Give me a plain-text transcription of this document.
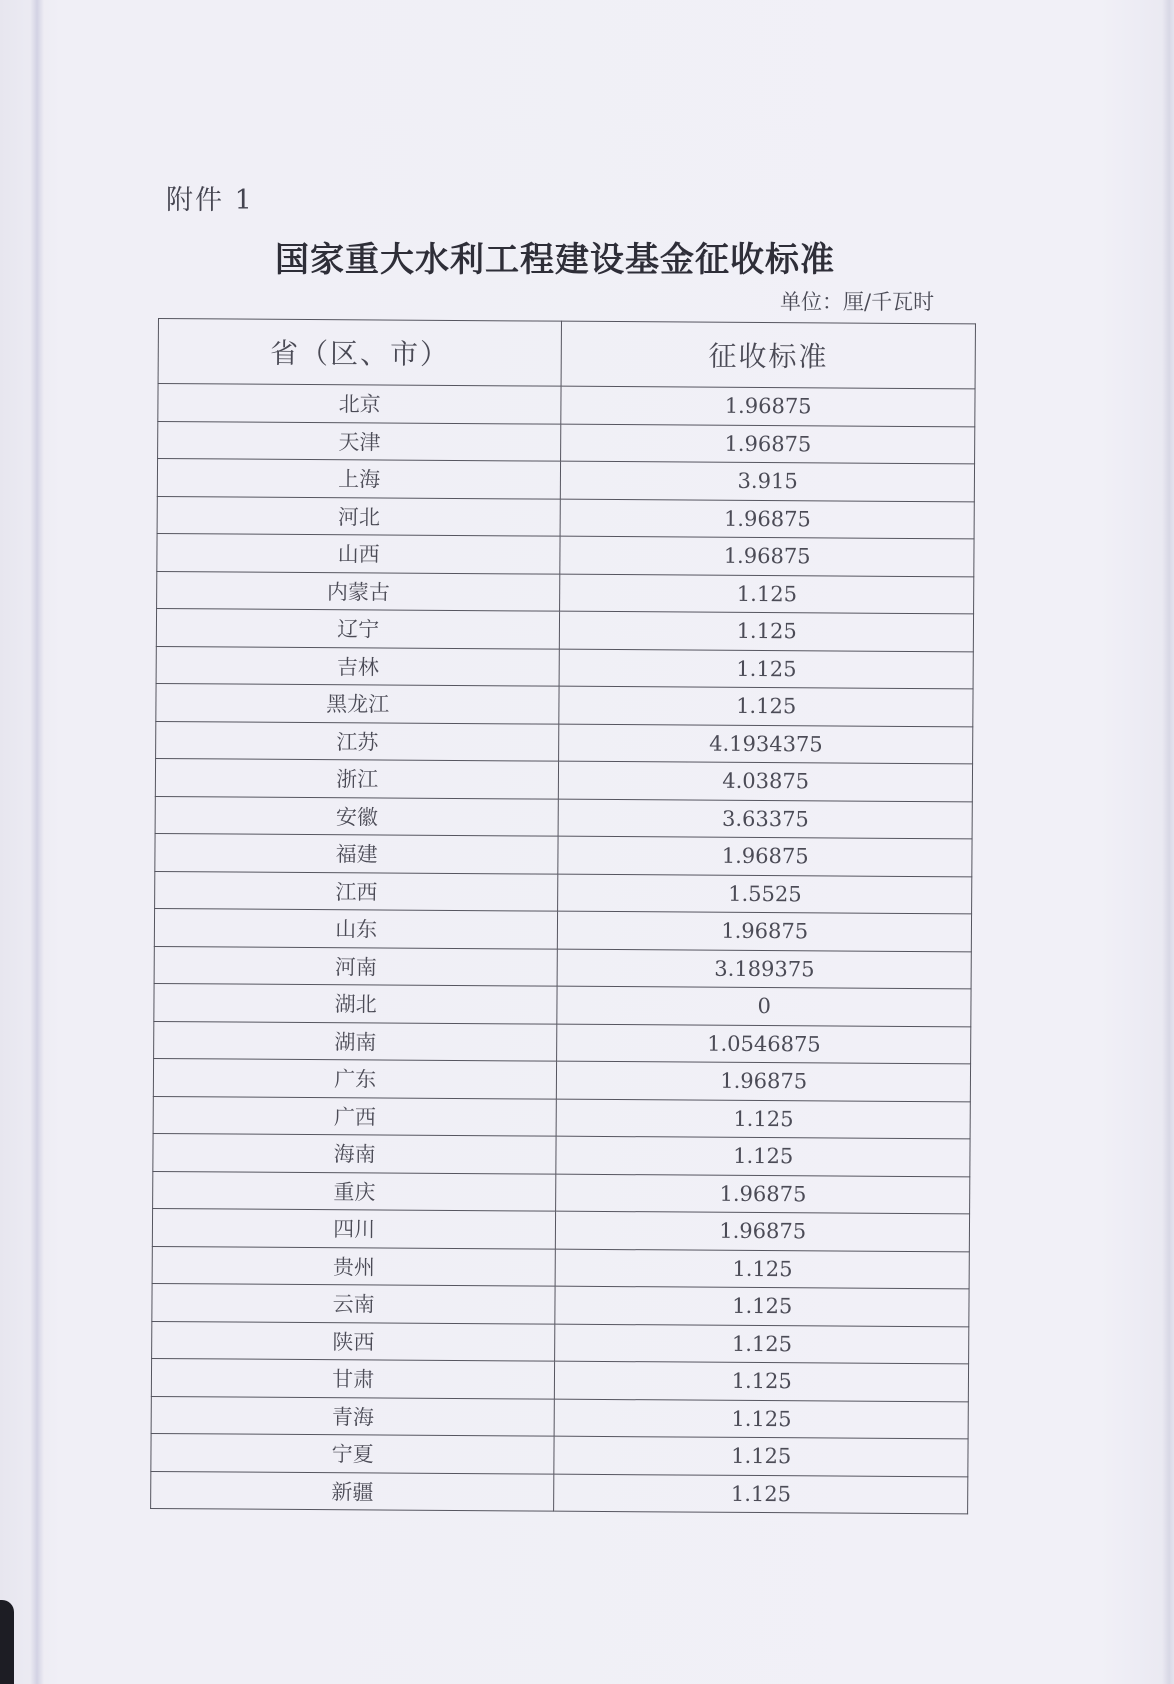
附件 1
国家重大水利工程建设基金征收标准
单位：厘/千瓦时
省（区、市）	征收标准
北京	1.96875
天津	1.96875
上海	3.915
河北	1.96875
山西	1.96875
内蒙古	1.125
辽宁	1.125
吉林	1.125
黑龙江	1.125
江苏	4.1934375
浙江	4.03875
安徽	3.63375
福建	1.96875
江西	1.5525
山东	1.96875
河南	3.189375
湖北	0
湖南	1.0546875
广东	1.96875
广西	1.125
海南	1.125
重庆	1.96875
四川	1.96875
贵州	1.125
云南	1.125
陕西	1.125
甘肃	1.125
青海	1.125
宁夏	1.125
新疆	1.125
